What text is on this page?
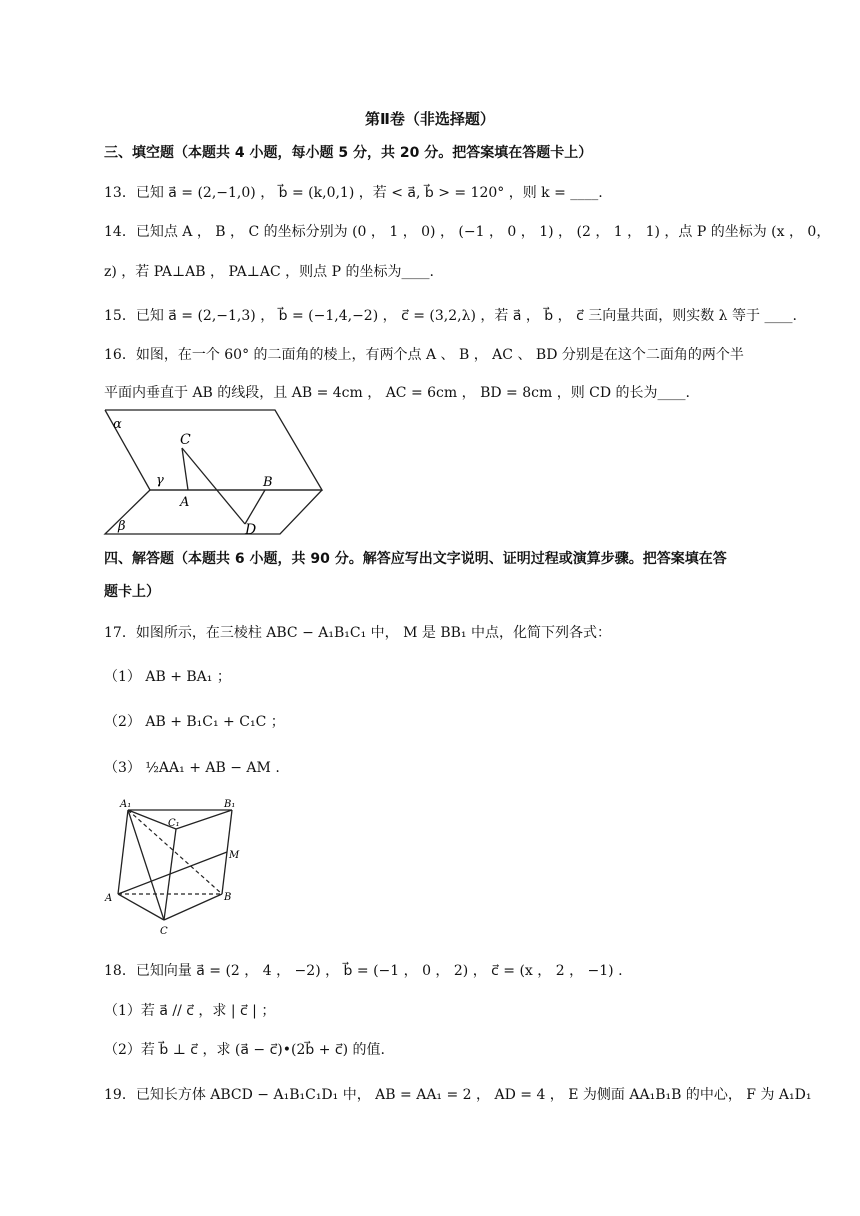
第Ⅱ卷（非选择题）
三、填空题（本题共 4 小题，每小题 5 分，共 20 分。把答案填在答题卡上）
13．已知 a⃗ = (2,−1,0) ， b⃗ = (k,0,1) ，若 < a⃗, b⃗ > = 120° ，则 k = ____.
14．已知点 A ， B ， C 的坐标分别为 (0 ， 1 ， 0) ， (−1 ， 0 ， 1) ， (2 ， 1 ， 1) ，点 P 的坐标为 (x ， 0，
z) ，若 PA⊥AB ， PA⊥AC ，则点 P 的坐标为____.
15．已知 a⃗ = (2,−1,3) ， b⃗ = (−1,4,−2) ， c⃗ = (3,2,λ) ，若 a⃗ ， b⃗ ， c⃗ 三向量共面，则实数 λ 等于 ____.
16．如图，在一个 60° 的二面角的棱上，有两个点 A 、 B ， AC 、 BD 分别是在这个二面角的两个半
平面内垂直于 AB 的线段，且 AB = 4cm ， AC = 6cm ， BD = 8cm ，则 CD 的长为____.
α
γ
β
C
A
B
D
四、解答题（本题共 6 小题，共 90 分。解答应写出文字说明、证明过程或演算步骤。把答案填在答
题卡上）
17．如图所示，在三棱柱 ABC − A₁B₁C₁ 中， M 是 BB₁ 中点，化简下列各式：
（1） AB + BA₁ ；
（2） AB + B₁C₁ + C₁C ；
（3） ½AA₁ + AB − AM .
A₁	B₁
C₁
M
A	B
C
18．已知向量 a⃗ = (2 ， 4 ， −2) ， b⃗ = (−1 ， 0 ， 2) ， c⃗ = (x ， 2 ， −1) .
（1）若 a⃗ // c⃗ ，求 | c⃗ | ；
（2）若 b⃗ ⊥ c⃗ ，求 (a⃗ − c⃗)•(2b⃗ + c⃗) 的值.
19．已知长方体 ABCD − A₁B₁C₁D₁ 中， AB = AA₁ = 2 ， AD = 4 ， E 为侧面 AA₁B₁B 的中心， F 为 A₁D₁
